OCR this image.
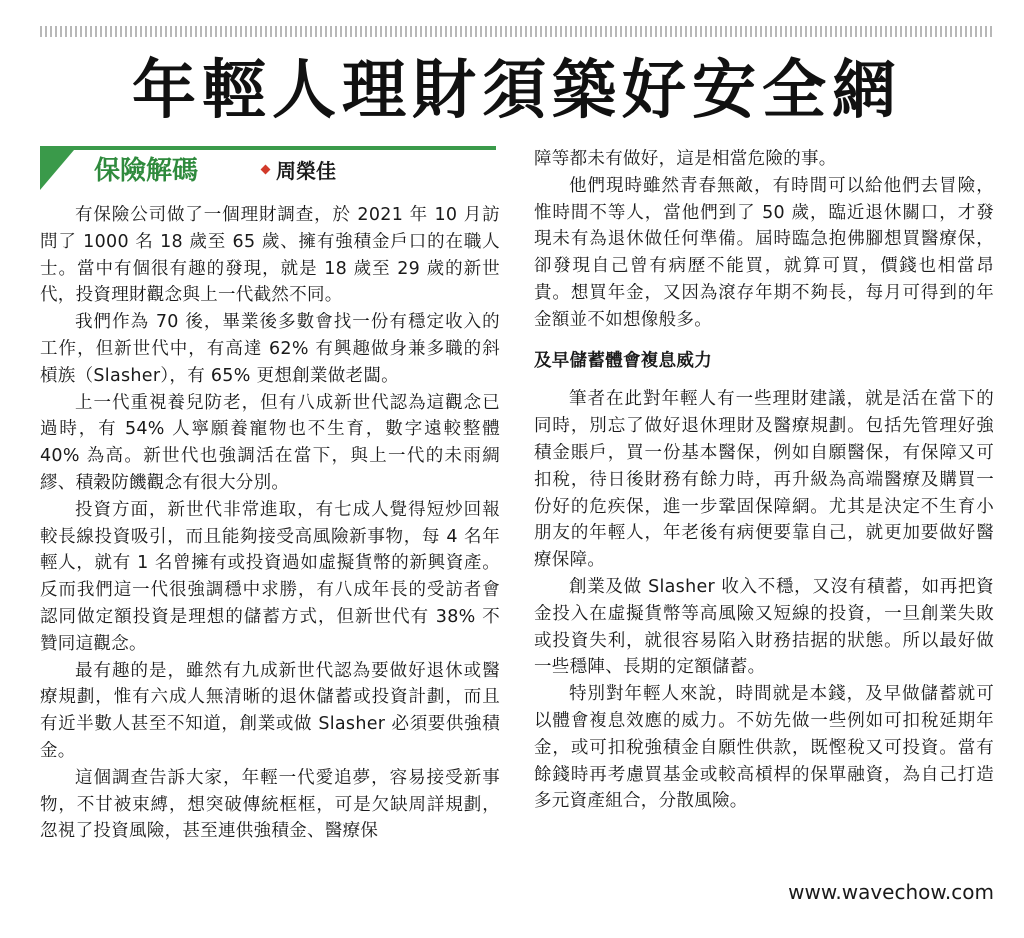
年輕人理財須築好安全網
保險解碼	周榮佳

有保險公司做了一個理財調查，於 2021 年 10 月訪問了 1000 名 18 歲至 65 歲、擁有強積金戶口的在職人士。當中有個很有趣的發現，就是 18 歲至 29 歲的新世代，投資理財觀念與上一代截然不同。

我們作為 70 後，畢業後多數會找一份有穩定收入的工作，但新世代中，有高達 62% 有興趣做身兼多職的斜槓族（Slasher），有 65% 更想創業做老闆。

上一代重視養兒防老，但有八成新世代認為這觀念已過時，有 54% 人寧願養寵物也不生育，數字遠較整體 40% 為高。新世代也強調活在當下，與上一代的未雨綢繆、積穀防饑觀念有很大分別。

投資方面，新世代非常進取，有七成人覺得短炒回報較長線投資吸引，而且能夠接受高風險新事物，每 4 名年輕人，就有 1 名曾擁有或投資過如虛擬貨幣的新興資產。反而我們這一代很強調穩中求勝，有八成年長的受訪者會認同做定額投資是理想的儲蓄方式，但新世代有 38% 不贊同這觀念。

最有趣的是，雖然有九成新世代認為要做好退休或醫療規劃，惟有六成人無清晰的退休儲蓄或投資計劃，而且有近半數人甚至不知道，創業或做 Slasher 必須要供強積金。

這個調查告訴大家，年輕一代愛追夢，容易接受新事物，不甘被束縛，想突破傳統框框，可是欠缺周詳規劃，忽視了投資風險，甚至連供強積金、醫療保

障等都未有做好，這是相當危險的事。

他們現時雖然青春無敵，有時間可以給他們去冒險，惟時間不等人，當他們到了 50 歲，臨近退休關口，才發現未有為退休做任何準備。屆時臨急抱佛腳想買醫療保，卻發現自己曾有病歷不能買，就算可買，價錢也相當昂貴。想買年金，又因為滾存年期不夠長，每月可得到的年金額並不如想像般多。

及早儲蓄體會複息威力

筆者在此對年輕人有一些理財建議，就是活在當下的同時，別忘了做好退休理財及醫療規劃。包括先管理好強積金賬戶，買一份基本醫保，例如自願醫保，有保障又可扣稅，待日後財務有餘力時，再升級為高端醫療及購買一份好的危疾保，進一步鞏固保障網。尤其是決定不生育小朋友的年輕人，年老後有病便要靠自己，就更加要做好醫療保障。

創業及做 Slasher 收入不穩，又沒有積蓄，如再把資金投入在虛擬貨幣等高風險又短線的投資，一旦創業失敗或投資失利，就很容易陷入財務拮据的狀態。所以最好做一些穩陣、長期的定額儲蓄。

特別對年輕人來說，時間就是本錢，及早做儲蓄就可以體會複息效應的威力。不妨先做一些例如可扣稅延期年金，或可扣稅強積金自願性供款，既慳稅又可投資。當有餘錢時再考慮買基金或較高槓桿的保單融資，為自己打造多元資產組合，分散風險。

www.wavechow.com
